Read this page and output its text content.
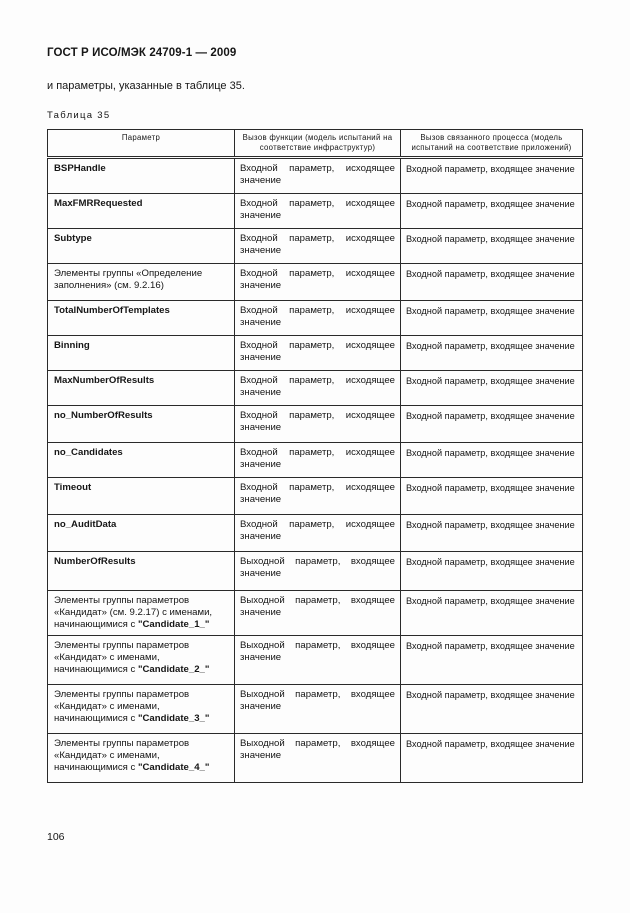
ГОСТ Р ИСО/МЭК 24709-1 — 2009
и параметры, указанные в таблице 35.
Таблица 35
Параметр	Вызов функции (модель испытаний на соответствие инфраструктур)	Вызов связанного процесса (модель испытаний на соответствие приложений)
BSPHandle	Входной параметр, исходящее значение	Входной параметр, входящее значение
MaxFMRRequested	Входной параметр, исходящее значение	Входной параметр, входящее значение
Subtype	Входной параметр, исходящее значение	Входной параметр, входящее значение
Элементы группы «Определение заполнения» (см. 9.2.16)	Входной параметр, исходящее значение	Входной параметр, входящее значение
TotalNumberOfTemplates	Входной параметр, исходящее значение	Входной параметр, входящее значение
Binning	Входной параметр, исходящее значение	Входной параметр, входящее значение
MaxNumberOfResults	Входной параметр, исходящее значение	Входной параметр, входящее значение
no_NumberOfResults	Входной параметр, исходящее значение	Входной параметр, входящее значение
no_Candidates	Входной параметр, исходящее значение	Входной параметр, входящее значение
Timeout	Входной параметр, исходящее значение	Входной параметр, входящее значение
no_AuditData	Входной параметр, исходящее значение	Входной параметр, входящее значение
NumberOfResults	Выходной параметр, входящее значение	Входной параметр, входящее значение
Элементы группы параметров «Кандидат» (см. 9.2.17) с именами, начинающимися с "Candidate_1_"	Выходной параметр, входящее значение	Входной параметр, входящее значение
Элементы группы параметров «Кандидат» с именами, начинающимися с "Candidate_2_"	Выходной параметр, входящее значение	Входной параметр, входящее значение
Элементы группы параметров «Кандидат» с именами, начинающимися с "Candidate_3_"	Выходной параметр, входящее значение	Входной параметр, входящее значение
Элементы группы параметров «Кандидат» с именами, начинающимися с "Candidate_4_"	Выходной параметр, входящее значение	Входной параметр, входящее значение
106
